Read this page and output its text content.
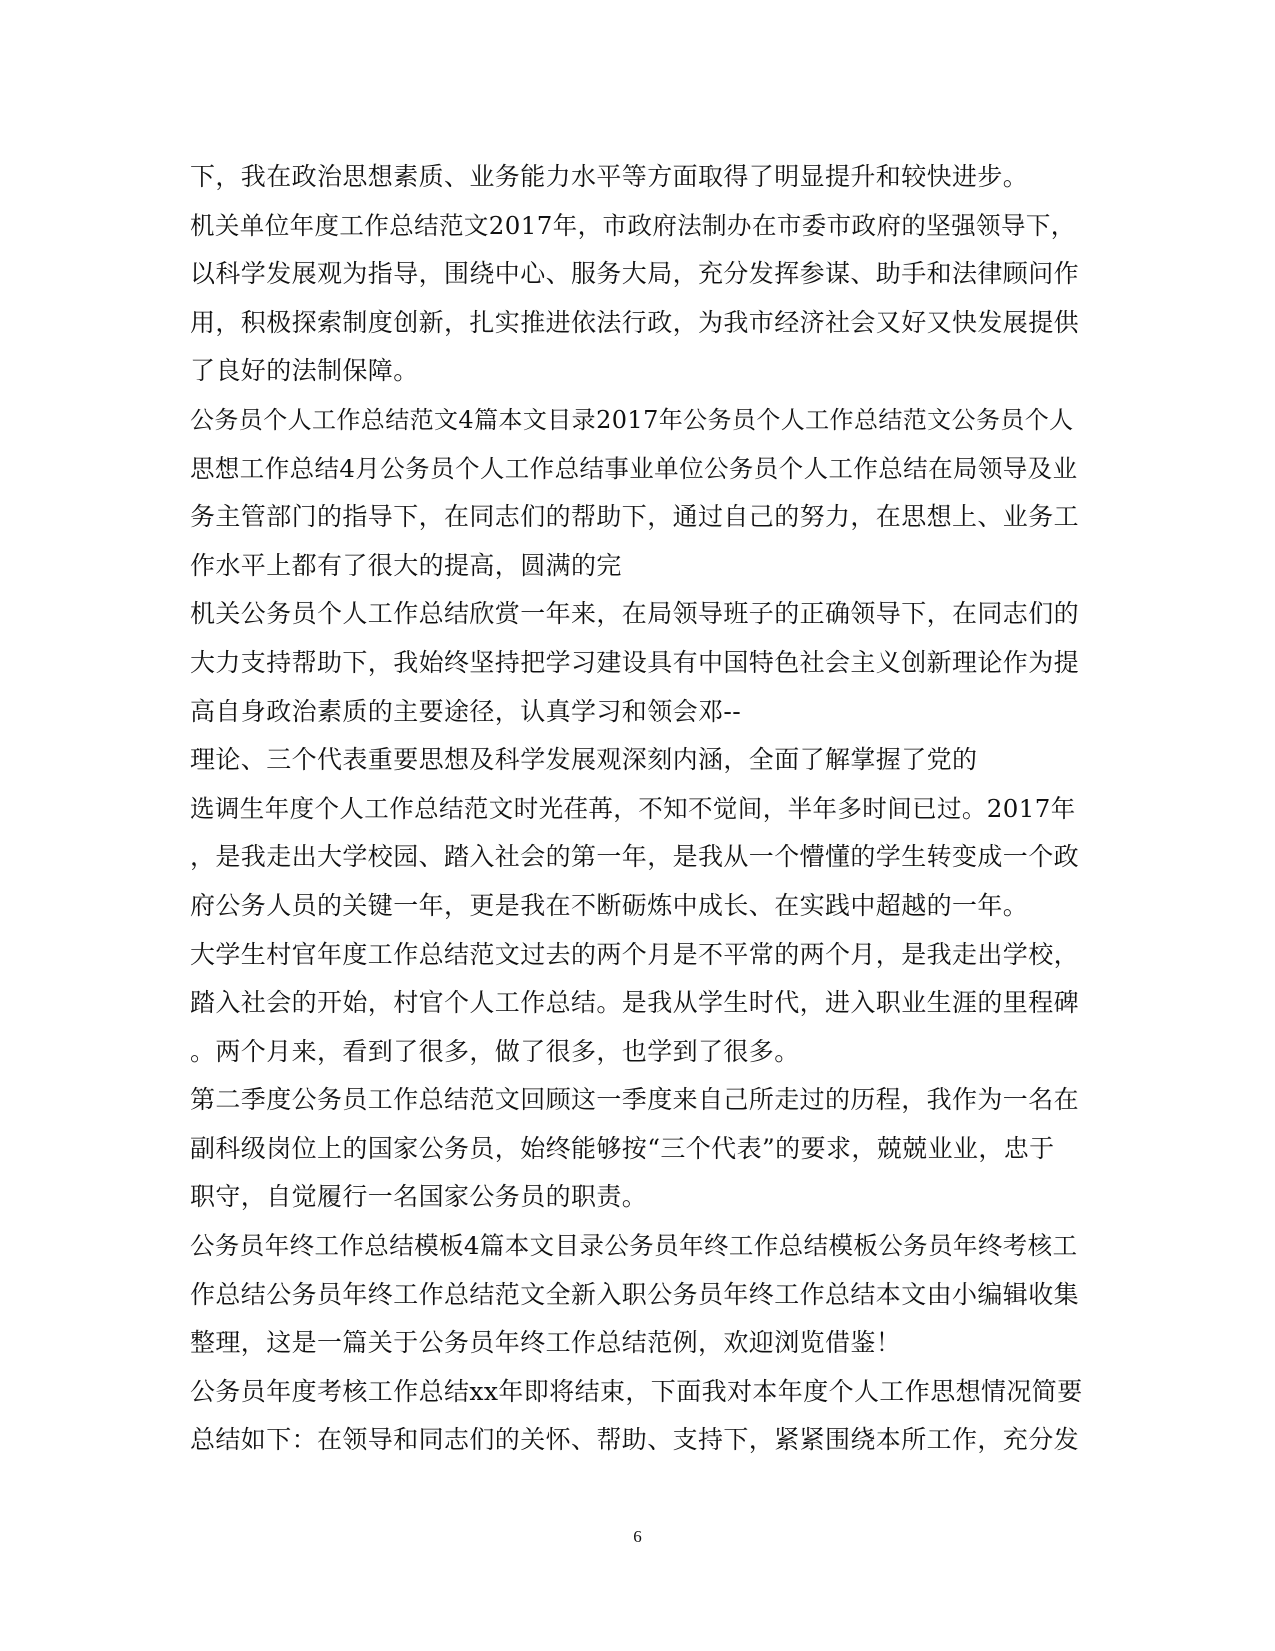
下，我在政治思想素质、业务能力水平等方面取得了明显提升和较快进步。
机关单位年度工作总结范文2017年，市政府法制办在市委市政府的坚强领导下，
以科学发展观为指导，围绕中心、服务大局，充分发挥参谋、助手和法律顾问作
用，积极探索制度创新，扎实推进依法行政，为我市经济社会又好又快发展提供
了良好的法制保障。
公务员个人工作总结范文4篇本文目录2017年公务员个人工作总结范文公务员个人
思想工作总结4月公务员个人工作总结事业单位公务员个人工作总结在局领导及业
务主管部门的指导下，在同志们的帮助下，通过自己的努力，在思想上、业务工
作水平上都有了很大的提高，圆满的完
机关公务员个人工作总结欣赏一年来，在局领导班子的正确领导下，在同志们的
大力支持帮助下，我始终坚持把学习建设具有中国特色社会主义创新理论作为提
高自身政治素质的主要途径，认真学习和领会邓--
理论、三个代表重要思想及科学发展观深刻内涵，全面了解掌握了党的
选调生年度个人工作总结范文时光荏苒，不知不觉间，半年多时间已过。2017年
，是我走出大学校园、踏入社会的第一年，是我从一个懵懂的学生转变成一个政
府公务人员的关键一年，更是我在不断砺炼中成长、在实践中超越的一年。
大学生村官年度工作总结范文过去的两个月是不平常的两个月，是我走出学校，
踏入社会的开始，村官个人工作总结。是我从学生时代，进入职业生涯的里程碑
。两个月来，看到了很多，做了很多，也学到了很多。
第二季度公务员工作总结范文回顾这一季度来自己所走过的历程，我作为一名在
副科级岗位上的国家公务员，始终能够按“三个代表”的要求，兢兢业业，忠于
职守，自觉履行一名国家公务员的职责。
公务员年终工作总结模板4篇本文目录公务员年终工作总结模板公务员年终考核工
作总结公务员年终工作总结范文全新入职公务员年终工作总结本文由小编辑收集
整理，这是一篇关于公务员年终工作总结范例，欢迎浏览借鉴！
公务员年度考核工作总结xx年即将结束，下面我对本年度个人工作思想情况简要
总结如下：在领导和同志们的关怀、帮助、支持下，紧紧围绕本所工作，充分发
6
